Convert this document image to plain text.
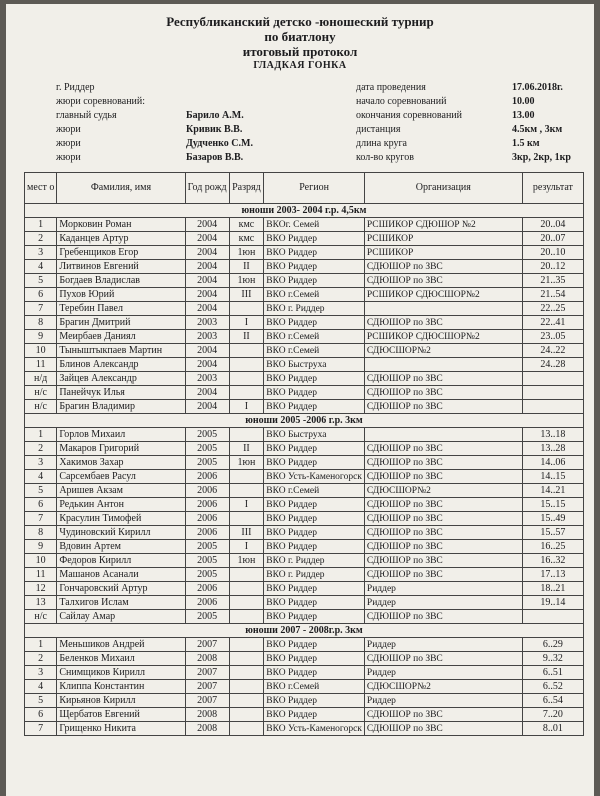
Республиканский детско -юношеский турнир
по биатлону
итоговый протокол
ГЛАДКАЯ ГОНКА
г. Риддер
жюри соревнований:
главный судья	Барило А.М.
жюри	Кривик В.В.
жюри	Дудченко С.М.
жюри	Базаров В.В.
дата проведения	17.06.2018г.
начало соревнований	10.00
окончания соревнований	13.00
дистанция	4.5км , 3км
длина круга	1.5 км
кол-во кругов	3кр, 2кр, 1кр
мест о	Фамилия, имя	Год рожд	Разряд	Регион	Организация	результат
юноши 2003- 2004 г.р. 4,5км						
1	Морковин Роман	2004	кмс	ВКОг. Семей	РСШИКОР СДЮШОР №2	20..04
2	Каданцев Артур	2004	кмс	ВКО Риддер	РСШИКОР	20..07
3	Гребенщиков Егор	2004	1юн	ВКО Риддер	РСШИКОР	20..10
4	Литвинов Евгений	2004	II	ВКО Риддер	СДЮШОР по ЗВС	20..12
5	Богдаев Владислав	2004	1юн	ВКО Риддер	СДЮШОР по ЗВС	21..35
6	Пухов Юрий	2004	III	ВКО г.Семей	РСШИКОР СДЮСШОР№2	21..54
7	Теребин Павел	2004		ВКО г. Риддер		22..25
8	Брагин Дмитрий	2003	I	ВКО Риддер	СДЮШОР по ЗВС	22..41
9	Меирбаев Даниял	2003	II	ВКО г.Семей	РСШИКОР СДЮСШОР№2	23..05
10	Тыныштыкпаев Мартин	2004		ВКО г.Семей	СДЮСШОР№2	24..22
11	Блинов Александр	2004		ВКО Быструха		24..28
н/д	Зайцев Александр	2003		ВКО Риддер	СДЮШОР по ЗВС	
н/с	Панейчук Илья	2004		ВКО Риддер	СДЮШОР по ЗВС	
н/с	Брагин Владимир	2004	I	ВКО Риддер	СДЮШОР по ЗВС	
юноши 2005 -2006 г.р. 3км						
1	Горлов Михаил	2005		ВКО Быструха		13..18
2	Макаров Григорий	2005	II	ВКО Риддер	СДЮШОР по ЗВС	13..28
3	Хакимов Захар	2005	1юн	ВКО Риддер	СДЮШОР по ЗВС	14..06
4	Сарсембаев Расул	2006		ВКО Усть-Каменогорск	СДЮШОР по ЗВС	14..15
5	Аришев Акзам	2006		ВКО г.Семей	СДЮСШОР№2	14..21
6	Редькин Антон	2006	I	ВКО Риддер	СДЮШОР по ЗВС	15..15
7	Красулин Тимофей	2006		ВКО Риддер	СДЮШОР по ЗВС	15..49
8	Чудиновский Кирилл	2006	III	ВКО Риддер	СДЮШОР по ЗВС	15..57
9	Вдовин Артем	2005	I	ВКО Риддер	СДЮШОР по ЗВС	16..25
10	Федоров Кирилл	2005	1юн	ВКО г. Риддер	СДЮШОР по ЗВС	16..32
11	Машанов Асанали	2005		ВКО г. Риддер	СДЮШОР по ЗВС	17..13
12	Гончаровский Артур	2006		ВКО Риддер	Риддер	18..21
13	Талхигов Ислам	2006		ВКО Риддер	Риддер	19..14
н/с	Сайлау Амар	2005		ВКО Риддер	СДЮШОР по ЗВС	
юноши 2007 - 2008г.р. 3км						
1	Меньшиков Андрей	2007		ВКО Риддер	Риддер	6..29
2	Беленков Михаил	2008		ВКО Риддер	СДЮШОР по ЗВС	9..32
3	Снимщиков Кирилл	2007		ВКО Риддер	Риддер	6..51
4	Клиппа Константин	2007		ВКО г.Семей	СДЮСШОР№2	6..52
5	Кирьянов Кирилл	2007		ВКО Риддер	Риддер	6..54
6	Щербатов Евгений	2008		ВКО Риддер	СДЮШОР по ЗВС	7..20
7	Грищенко Никита	2008		ВКО Усть-Каменогорск	СДЮШОР по ЗВС	8..01
